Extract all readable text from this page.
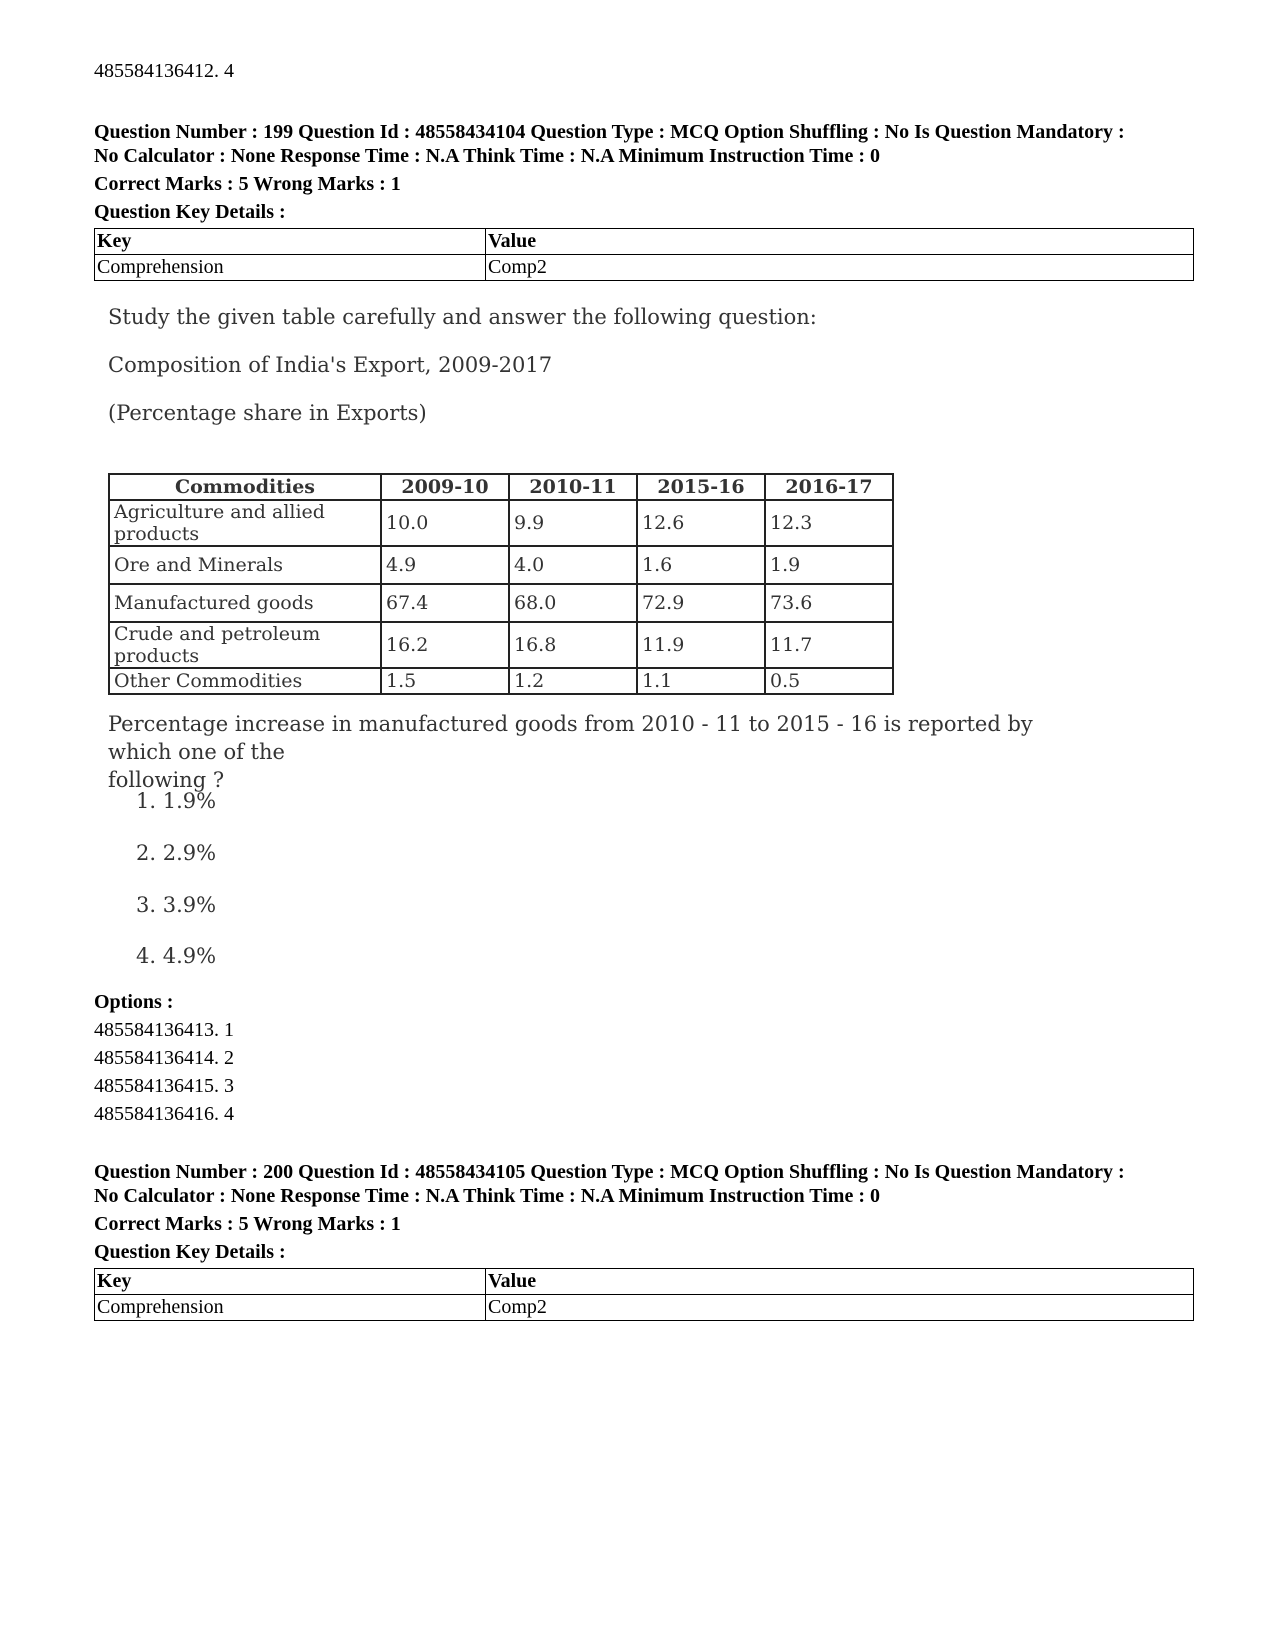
485584136412. 4
Question Number : 199 Question Id : 48558434104 Question Type : MCQ Option Shuffling : No Is Question Mandatory :
No Calculator : None Response Time : N.A Think Time : N.A Minimum Instruction Time : 0
Correct Marks : 5 Wrong Marks : 1
Question Key Details :
Key	Value
Comprehension	Comp2
Study the given table carefully and answer the following question:
Composition of India's Export, 2009-2017
(Percentage share in Exports)
Commodities	2009-10	2010-11	2015-16	2016-17
Agriculture and allied products	10.0	9.9	12.6	12.3
Ore and Minerals	4.9	4.0	1.6	1.9
Manufactured goods	67.4	68.0	72.9	73.6
Crude and petroleum products	16.2	16.8	11.9	11.7
Other Commodities	1.5	1.2	1.1	0.5
Percentage increase in manufactured goods from 2010 - 11 to 2015 - 16 is reported by which one of the
following ?
1. 1.9%
2. 2.9%
3. 3.9%
4. 4.9%
Options :
485584136413. 1
485584136414. 2
485584136415. 3
485584136416. 4
Question Number : 200 Question Id : 48558434105 Question Type : MCQ Option Shuffling : No Is Question Mandatory :
No Calculator : None Response Time : N.A Think Time : N.A Minimum Instruction Time : 0
Correct Marks : 5 Wrong Marks : 1
Question Key Details :
Key	Value
Comprehension	Comp2
